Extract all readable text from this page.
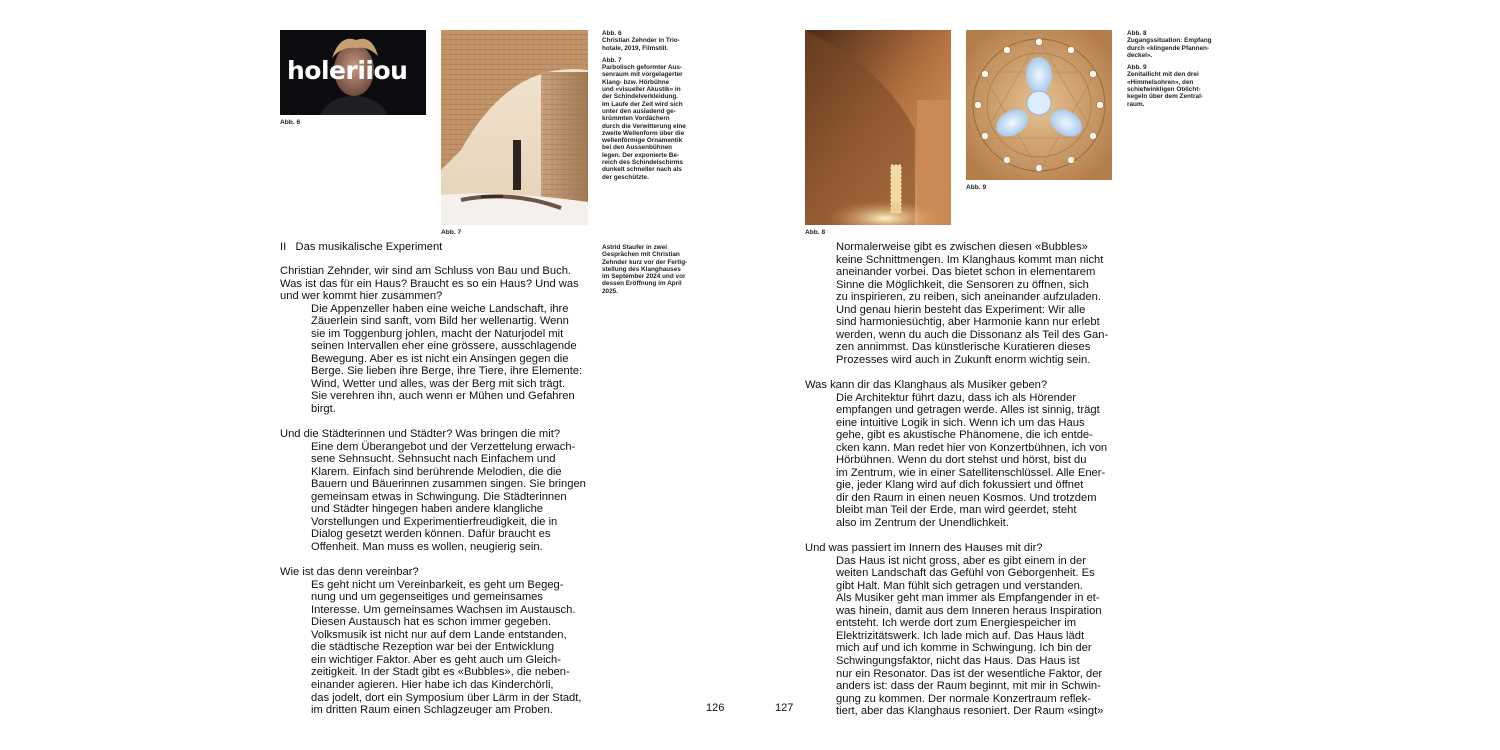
holeriiou
Abb. 6
Abb. 7

Abb. 6
Christian Zehnder in Trio-
hotale, 2019, Filmstill.

Abb. 7
Parbolisch geformter Aus-
senraum mit vorgelagerter
Klang- bzw. Hörbühne
und «visueller Akustik» in
der Schindelverkleidung.
Im Laufe der Zeit wird sich
unter den ausladend ge-
krümmten Vordächern
durch die Verwitterung eine
zweite Wellenform über die
wellenförmige Ornamentik
bei den Aussenbühnen
legen. Der exponierte Be-
reich des Schindelschirms
dunkelt schneller nach als
der geschützte.

Astrid Staufer in zwei
Gesprächen mit Christian
Zehnder kurz vor der Fertig-
stellung des Klanghauses
im September 2024 und vor
dessen Eröffnung im April
2025.
II   Das musikalische Experiment

Christian Zehnder, wir sind am Schluss von Bau und Buch.
Was ist das für ein Haus? Braucht es so ein Haus? Und was
und wer kommt hier zusammen?

Die Appenzeller haben eine weiche Landschaft, ihre
Zäuerlein sind sanft, vom Bild her wellenartig. Wenn
sie im Toggenburg johlen, macht der Naturjodel mit
seinen Intervallen eher eine grössere, ausschlagende
Bewegung. Aber es ist nicht ein Ansingen gegen die
Berge. Sie lieben ihre Berge, ihre Tiere, ihre Elemente:
Wind, Wetter und alles, was der Berg mit sich trägt.
Sie verehren ihn, auch wenn er Mühen und Gefahren
birgt.

Und die Städterinnen und Städter? Was bringen die mit?

Eine dem Überangebot und der Verzettelung erwach-
sene Sehnsucht. Sehnsucht nach Einfachem und
Klarem. Einfach sind berührende Melodien, die die
Bauern und Bäuerinnen zusammen singen. Sie bringen
gemeinsam etwas in Schwingung. Die Städterinnen
und Städter hingegen haben andere klangliche
Vorstellungen und Experimentierfreudigkeit, die in
Dialog gesetzt werden können. Dafür braucht es
Offenheit. Man muss es wollen, neugierig sein.

Wie ist das denn vereinbar?

Es geht nicht um Vereinbarkeit, es geht um Begeg-
nung und um gegenseitiges und gemeinsames
Interesse. Um gemeinsames Wachsen im Austausch.
Diesen Austausch hat es schon immer gegeben.
Volksmusik ist nicht nur auf dem Lande entstanden,
die städtische Rezeption war bei der Entwicklung
ein wichtiger Faktor. Aber es geht auch um Gleich-
zeitigkeit. In der Stadt gibt es «Bubbles», die neben-
einander agieren. Hier habe ich das Kinderchörli,
das jodelt, dort ein Symposium über Lärm in der Stadt,
im dritten Raum einen Schlagzeuger am Proben.	126
Abb. 8
Abb. 9

Abb. 8
Zugangssituation: Empfang
durch «klingende Pfannen-
deckel».

Abb. 9
Zenitallicht mit den drei
«Himmelsohren», den
schiefwinkligen Oblicht-
kegeln über dem Zentral-
raum.

Normalerweise gibt es zwischen diesen «Bubbles»
keine Schnittmengen. Im Klanghaus kommt man nicht
aneinander vorbei. Das bietet schon in elementarem
Sinne die Möglichkeit, die Sensoren zu öffnen, sich
zu inspirieren, zu reiben, sich aneinander aufzuladen.
Und genau hierin besteht das Experiment: Wir alle
sind harmoniesüchtig, aber Harmonie kann nur erlebt
werden, wenn du auch die Dissonanz als Teil des Gan-
zen annimmst. Das künstlerische Kuratieren dieses
Prozesses wird auch in Zukunft enorm wichtig sein.

Was kann dir das Klanghaus als Musiker geben?

Die Architektur führt dazu, dass ich als Hörender
empfangen und getragen werde. Alles ist sinnig, trägt
eine intuitive Logik in sich. Wenn ich um das Haus
gehe, gibt es akustische Phänomene, die ich entde-
cken kann. Man redet hier von Konzertbühnen, ich von
Hörbühnen. Wenn du dort stehst und hörst, bist du
im Zentrum, wie in einer Satellitenschlüssel. Alle Ener-
gie, jeder Klang wird auf dich fokussiert und öffnet
dir den Raum in einen neuen Kosmos. Und trotzdem
bleibt man Teil der Erde, man wird geerdet, steht
also im Zentrum der Unendlichkeit.

Und was passiert im Innern des Hauses mit dir?

Das Haus ist nicht gross, aber es gibt einem in der
weiten Landschaft das Gefühl von Geborgenheit. Es
gibt Halt. Man fühlt sich getragen und verstanden.
Als Musiker geht man immer als Empfangender in et-
was hinein, damit aus dem Inneren heraus Inspiration
entsteht. Ich werde dort zum Energiespeicher im
Elektrizitätswerk. Ich lade mich auf. Das Haus lädt
mich auf und ich komme in Schwingung. Ich bin der
Schwingungsfaktor, nicht das Haus. Das Haus ist
nur ein Resonator. Das ist der wesentliche Faktor, der
anders ist: dass der Raum beginnt, mit mir in Schwin-
gung zu kommen. Der normale Konzertraum reflek-
tiert, aber das Klanghaus resoniert. Der Raum «singt»

127
